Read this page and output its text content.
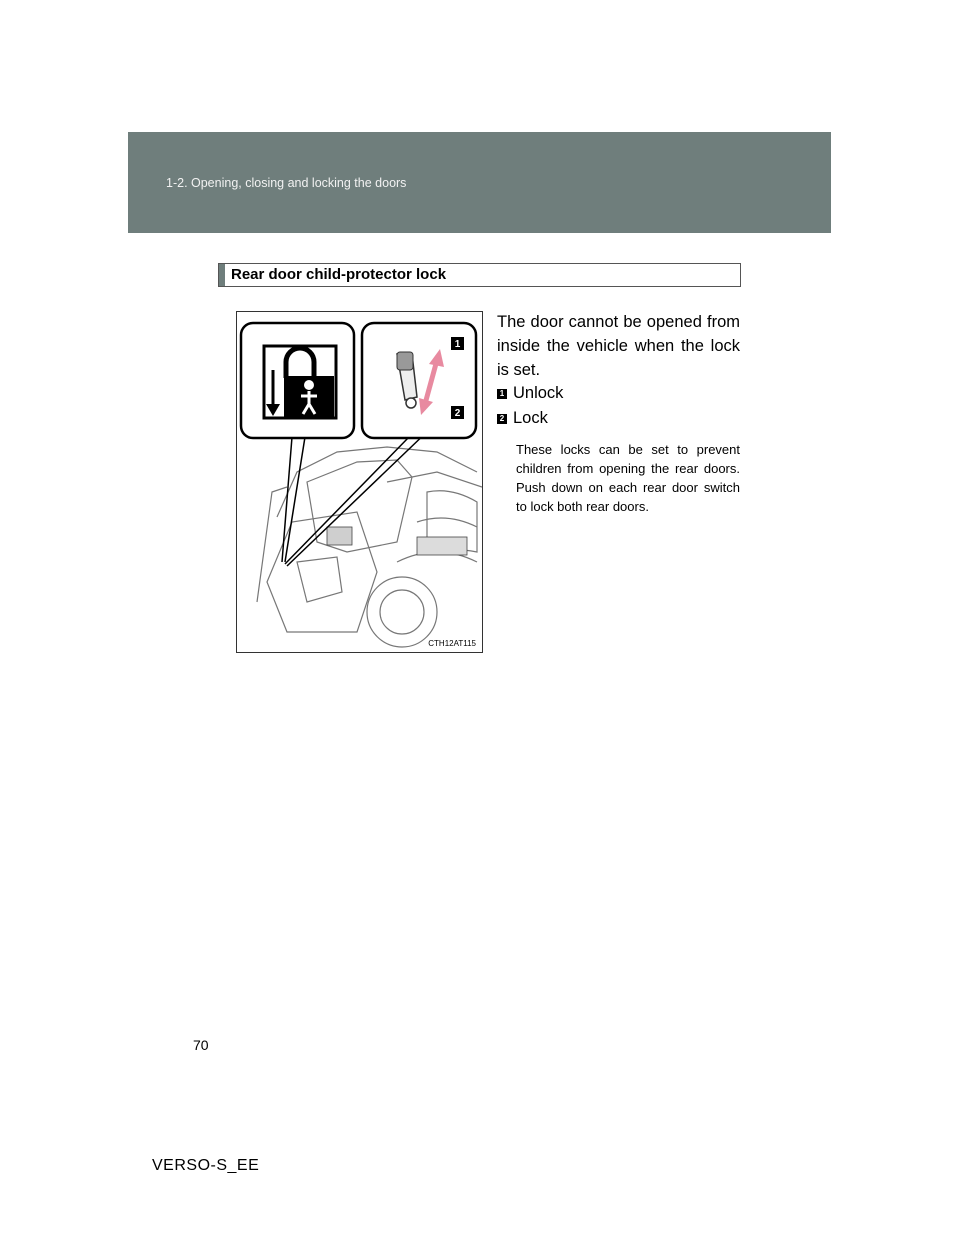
1-2. Opening, closing and locking the doors
Rear door child-protector lock
1
2
CTH12AT115
The door cannot be opened from inside the vehicle when the lock is set.
1 Unlock
2 Lock
These locks can be set to prevent children from opening the rear doors. Push down on each rear door switch to lock both rear doors.
70
VERSO-S_EE
